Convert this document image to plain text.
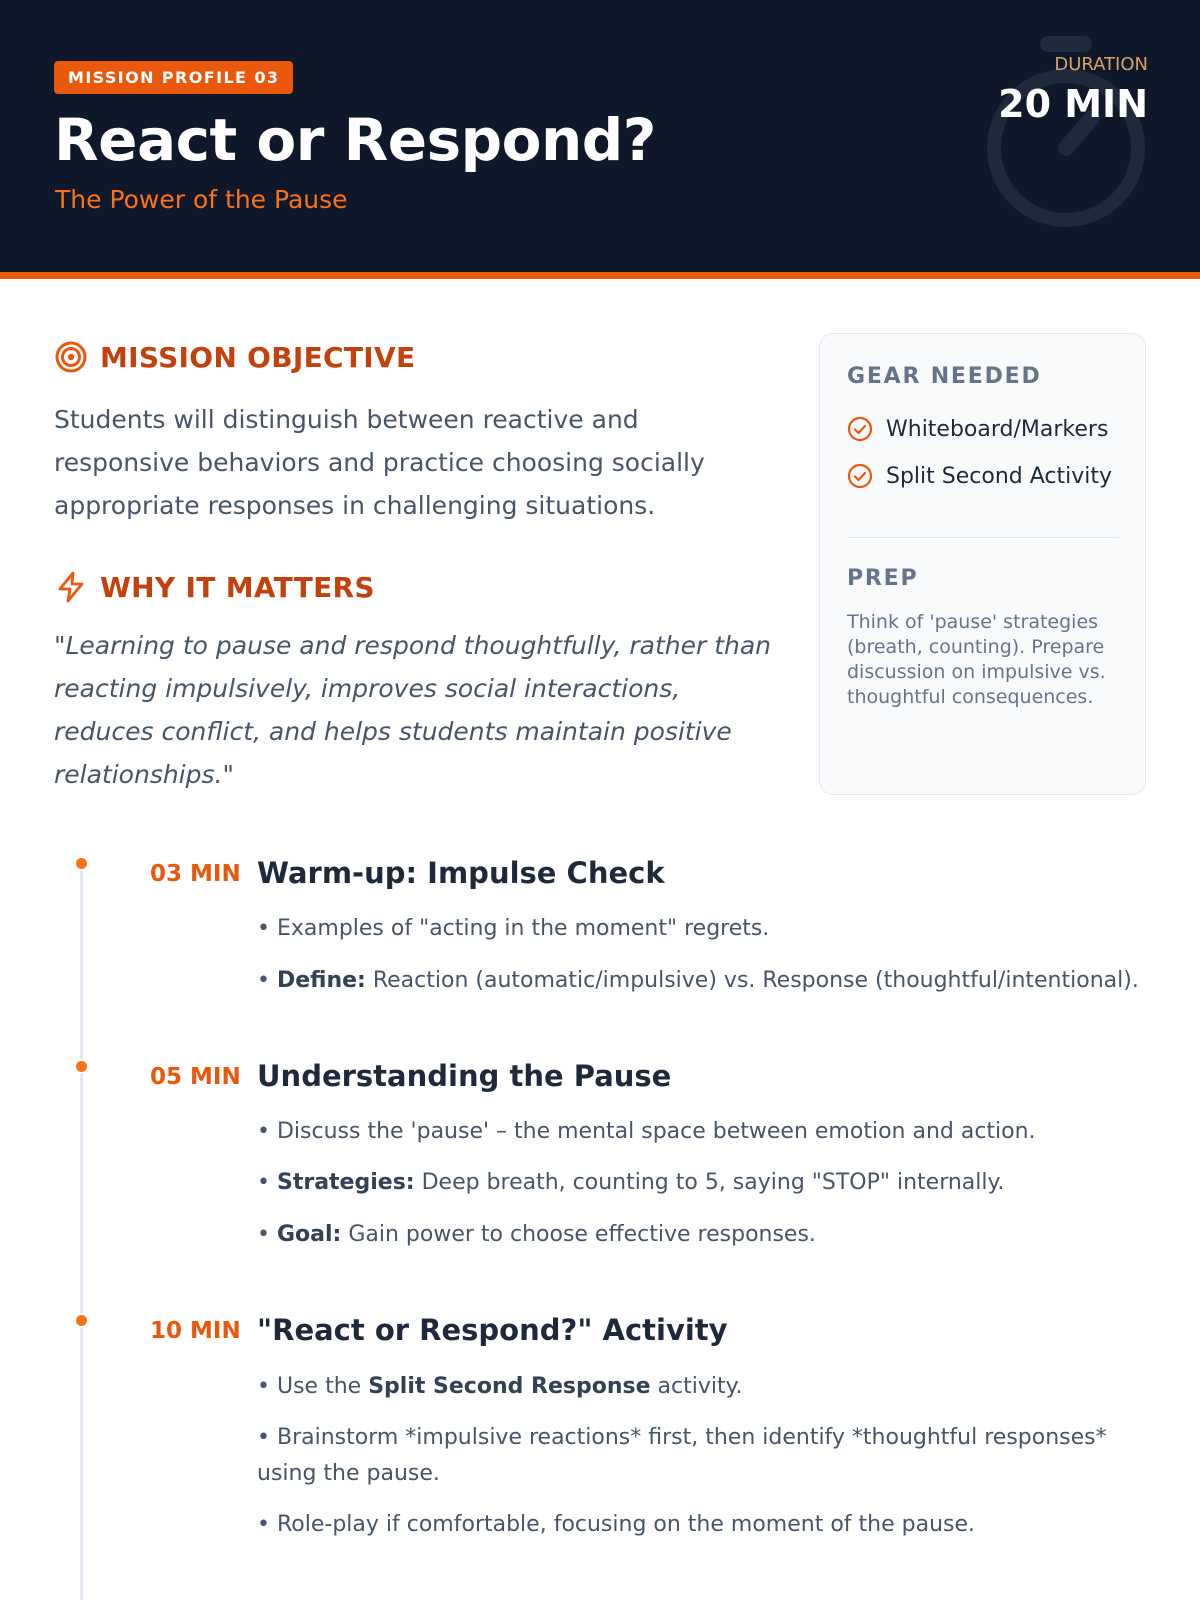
MISSION PROFILE 03
React or Respond?
The Power of the Pause
DURATION
20 MIN
MISSION OBJECTIVE
Students will distinguish between reactive and responsive behaviors and practice choosing socially appropriate responses in challenging situations.
WHY IT MATTERS
"Learning to pause and respond thoughtfully, rather than reacting impulsively, improves social interactions, reduces conflict, and helps students maintain positive relationships."
GEAR NEEDED
Whiteboard/Markers
Split Second Activity
PREP
Think of 'pause' strategies (breath, counting). Prepare discussion on impulsive vs. thoughtful consequences.
03 MIN Warm-up: Impulse Check
• Examples of "acting in the moment" regrets.
• Define: Reaction (automatic/impulsive) vs. Response (thoughtful/intentional).
05 MIN Understanding the Pause
• Discuss the 'pause' – the mental space between emotion and action.
• Strategies: Deep breath, counting to 5, saying "STOP" internally.
• Goal: Gain power to choose effective responses.
10 MIN "React or Respond?" Activity
• Use the Split Second Response activity.
• Brainstorm *impulsive reactions* first, then identify *thoughtful responses* using the pause.
• Role-play if comfortable, focusing on the moment of the pause.
